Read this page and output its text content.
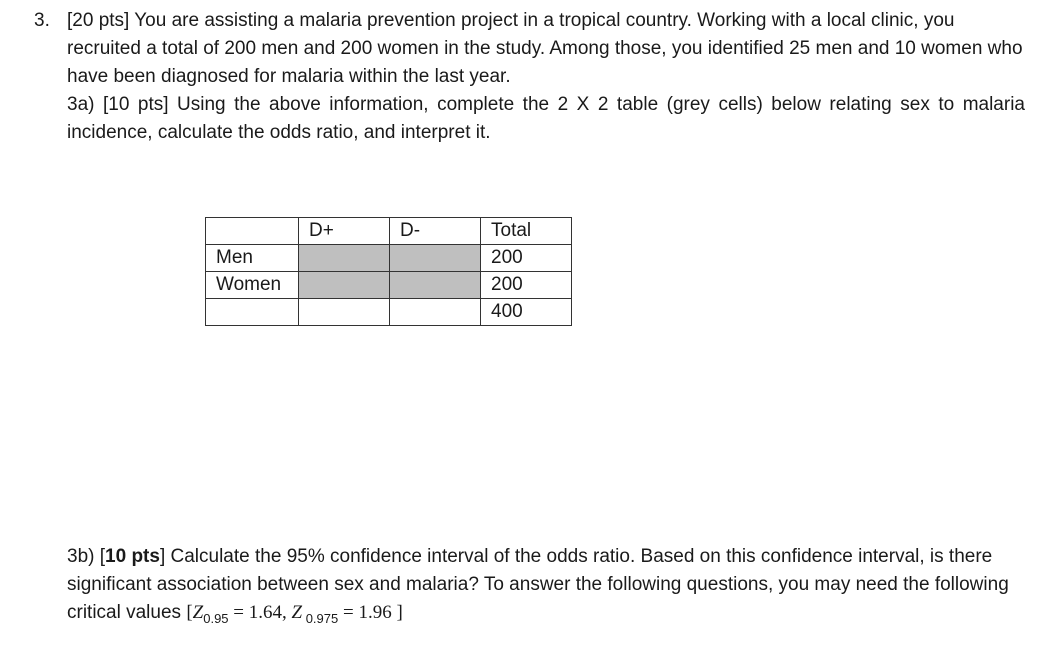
3. [20 pts] You are assisting a malaria prevention project in a tropical country. Working with a local clinic, you recruited a total of 200 men and 200 women in the study. Among those, you identified 25 men and 10 women who have been diagnosed for malaria within the last year.

3a) [10 pts] Using the above information, complete the 2 X 2 table (grey cells) below relating sex to malaria incidence, calculate the odds ratio, and interpret it.

	D+	D-	Total
Men			200
Women			200
			400

3b) [10 pts] Calculate the 95% confidence interval of the odds ratio. Based on this confidence interval, is there significant association between sex and malaria? To answer the following questions, you may need the following critical values [$Z_{0.95} = 1.64$, Z $_{0.975}$ = 1.96 ]
